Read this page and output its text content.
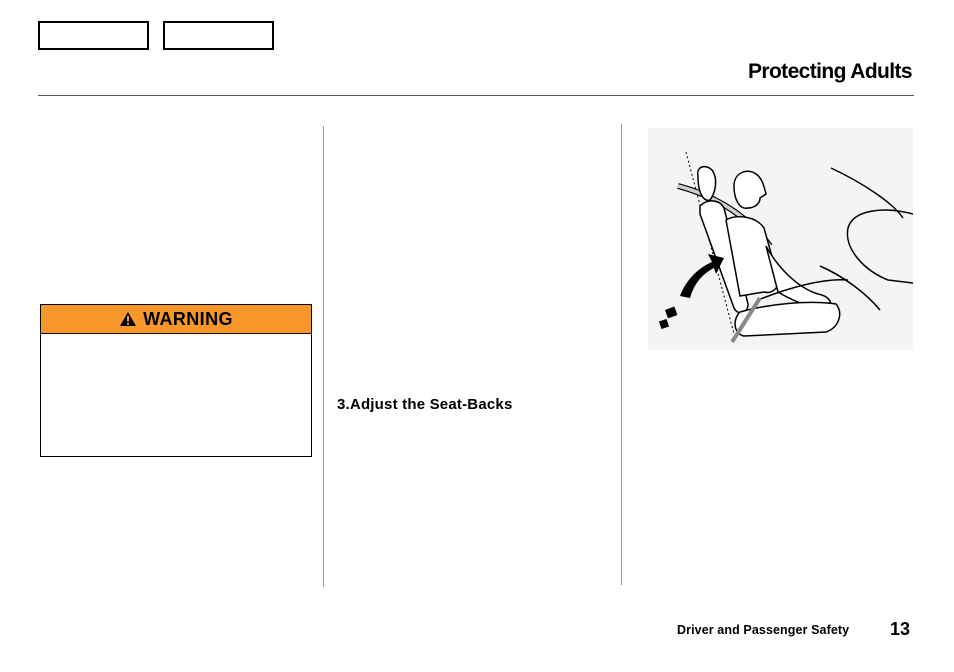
Protecting Adults
WARNING
3.Adjust the Seat-Backs
Driver and Passenger Safety 13
